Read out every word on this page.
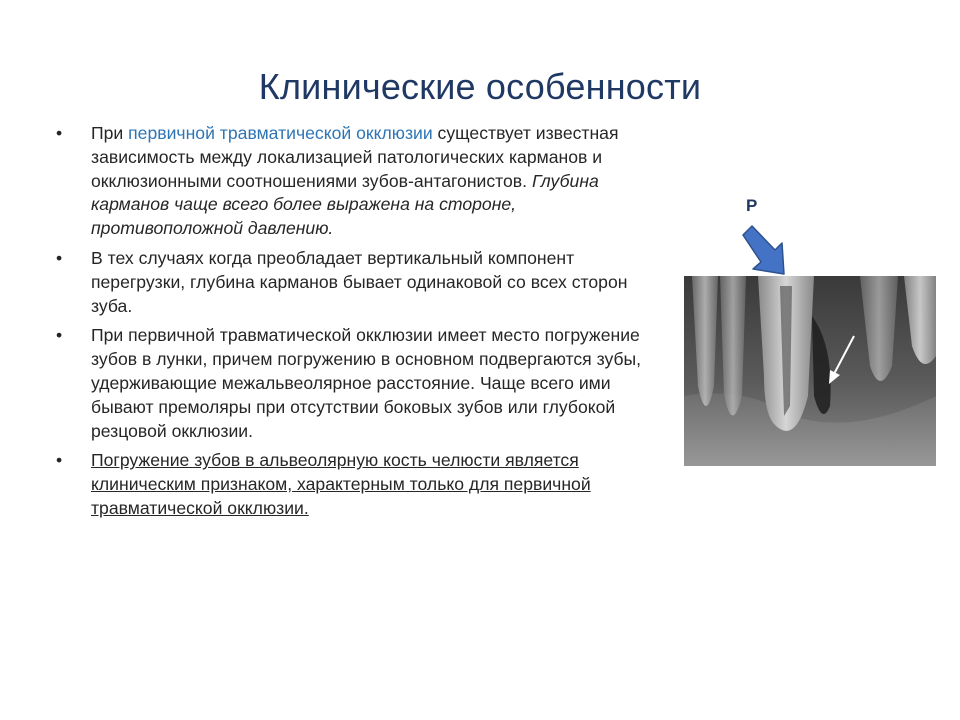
Клинические особенности
• При первичной травматической окклюзии существует известная зависимость между локализацией патологических карманов и окклюзионными соотношениями зубов-антагонистов. Глубина карманов чаще всего более выражена на стороне, противоположной давлению.
• В тех случаях когда преобладает вертикальный компонент перегрузки, глубина карманов бывает одинаковой со всех сторон зуба.
• При первичной травматической окклюзии имеет место погружение зубов в лунки, причем погружению в основном подвергаются зубы, удерживающие межальвеолярное расстояние. Чаще всего ими бывают премоляры при отсутствии боковых зубов или глубокой резцовой окклюзии.
• Погружение зубов в альвеолярную кость челюсти является клиническим признаком, характерным только для первичной травматической окклюзии.
P
